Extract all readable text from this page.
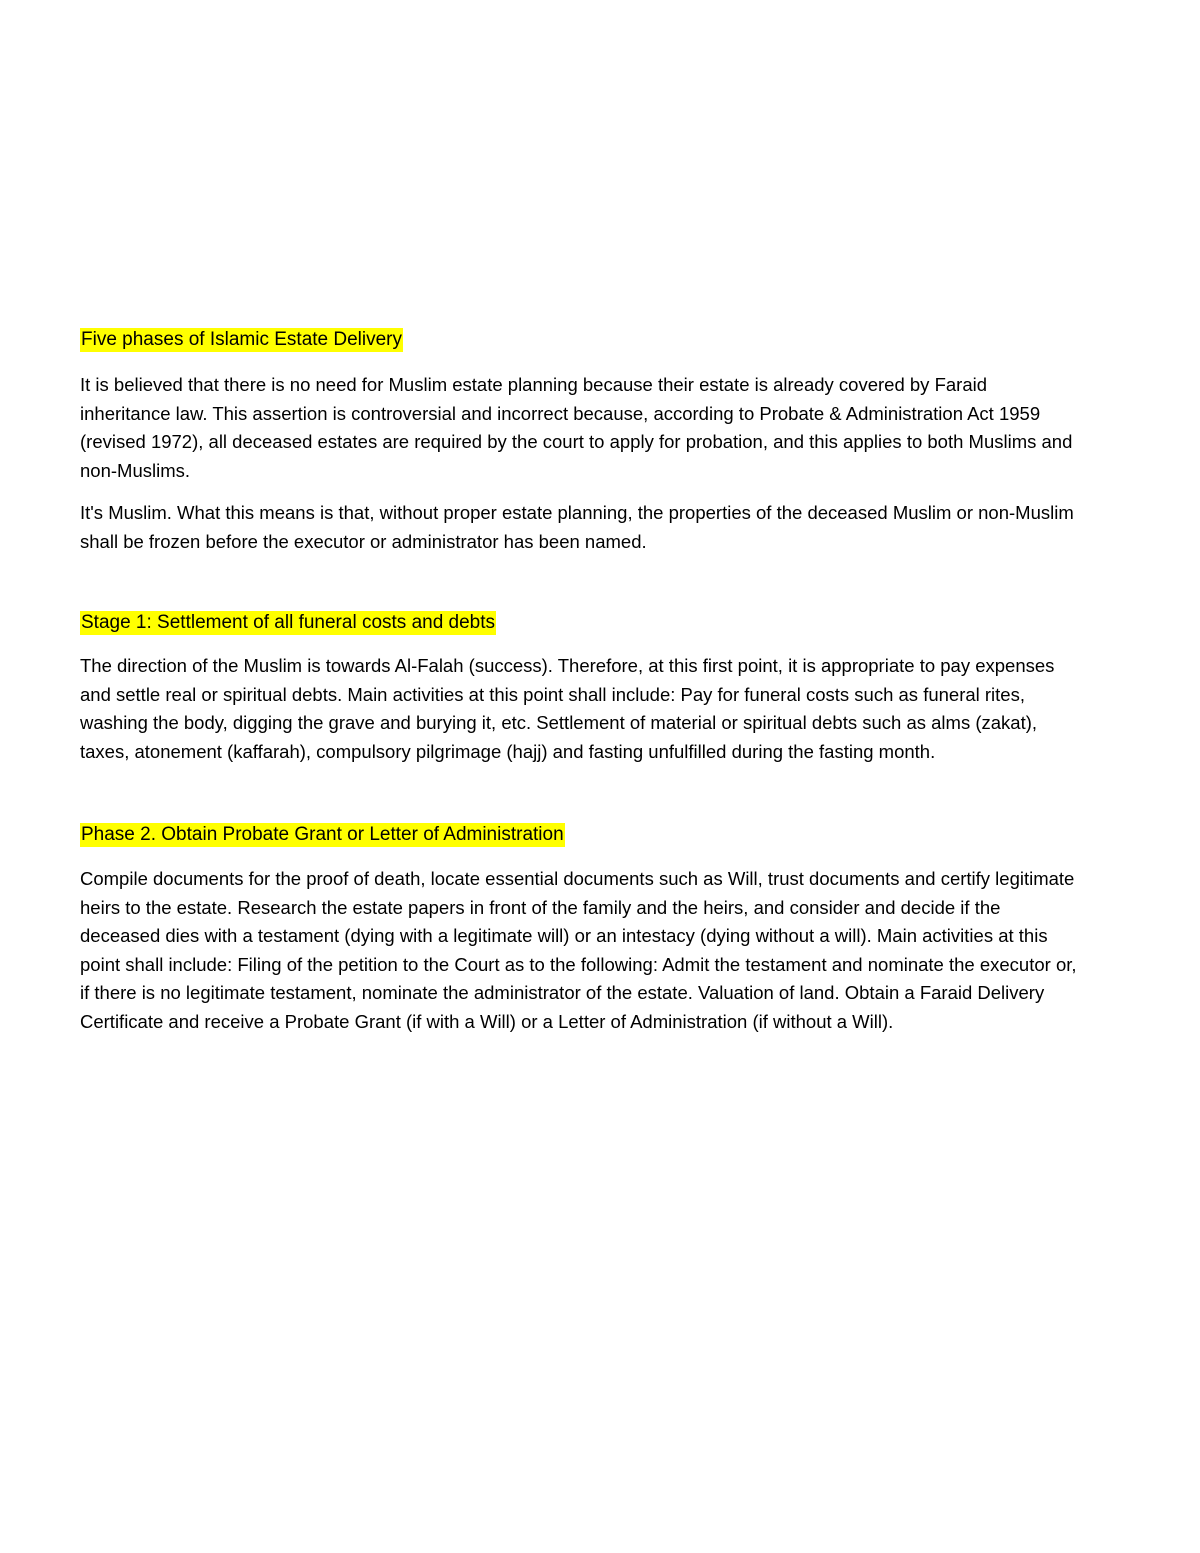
Five phases of Islamic Estate Delivery

It is believed that there is no need for Muslim estate planning because their estate is already covered by Faraid inheritance law. This assertion is controversial and incorrect because, according to Probate & Administration Act 1959 (revised 1972), all deceased estates are required by the court to apply for probation, and this applies to both Muslims and non-Muslims.

It's Muslim. What this means is that, without proper estate planning, the properties of the deceased Muslim or non-Muslim shall be frozen before the executor or administrator has been named.

Stage 1: Settlement of all funeral costs and debts

The direction of the Muslim is towards Al-Falah (success). Therefore, at this first point, it is appropriate to pay expenses and settle real or spiritual debts. Main activities at this point shall include: Pay for funeral costs such as funeral rites, washing the body, digging the grave and burying it, etc. Settlement of material or spiritual debts such as alms (zakat), taxes, atonement (kaffarah), compulsory pilgrimage (hajj) and fasting unfulfilled during the fasting month.

Phase 2. Obtain Probate Grant or Letter of Administration

Compile documents for the proof of death, locate essential documents such as Will, trust documents and certify legitimate heirs to the estate. Research the estate papers in front of the family and the heirs, and consider and decide if the deceased dies with a testament (dying with a legitimate will) or an intestacy (dying without a will). Main activities at this point shall include: Filing of the petition to the Court as to the following: Admit the testament and nominate the executor or, if there is no legitimate testament, nominate the administrator of the estate. Valuation of land. Obtain a Faraid Delivery Certificate and receive a Probate Grant (if with a Will) or a Letter of Administration (if without a Will).
